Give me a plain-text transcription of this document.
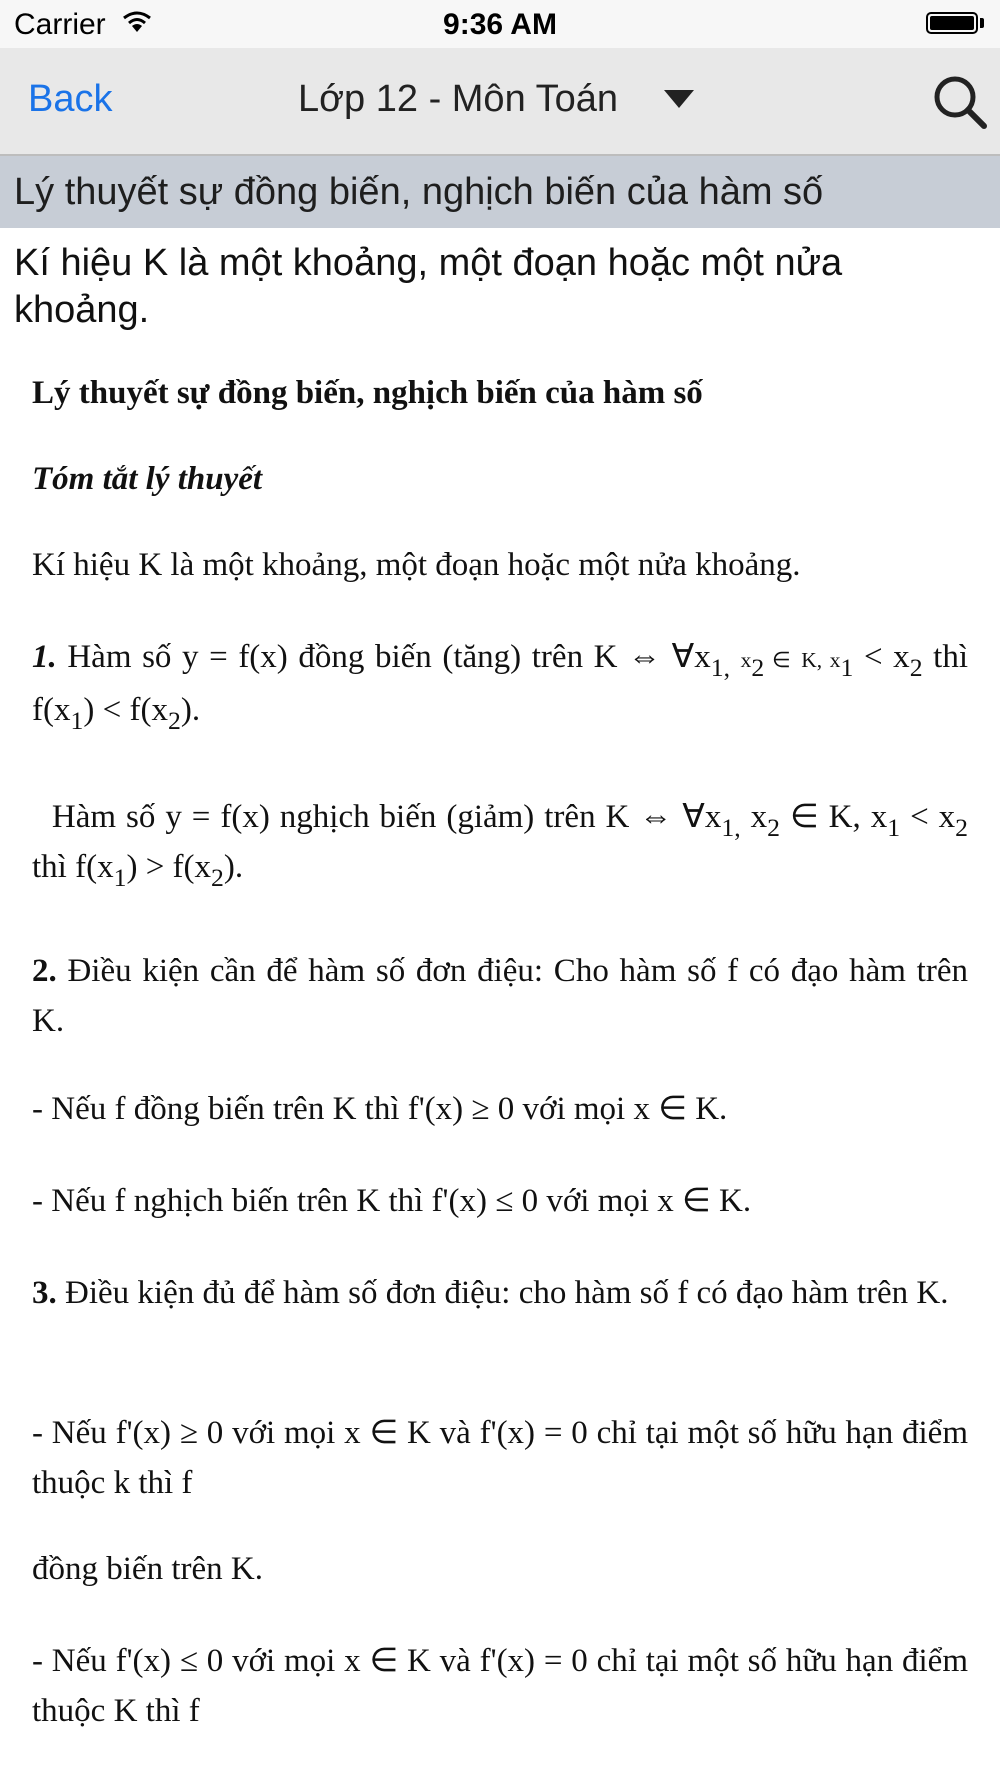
Carrier	9:36 AM
Back	Lớp 12 - Môn Toán
Lý thuyết sự đồng biến, nghịch biến của hàm số

Kí hiệu K là một khoảng, một đoạn hoặc một nửa khoảng.

Lý thuyết sự đồng biến, nghịch biến của hàm số

Tóm tắt lý thuyết

Kí hiệu K là một khoảng, một đoạn hoặc một nửa khoảng.

1. Hàm số y = f(x) đồng biến (tăng) trên K ⇔ $\forall x_{1,}$ $x_2$ ∈ K, $x_1 < x_2$ thì $f(x_1) < f(x_2)$.

Hàm số y = f(x) nghịch biến (giảm) trên K ⇔ $\forall x_{1,}$ $x_2$ ∈ K, $x_1 < x_2$ thì $f(x_1) > f(x_2)$.

2. Điều kiện cần để hàm số đơn điệu: Cho hàm số f có đạo hàm trên K.

- Nếu f đồng biến trên K thì f'(x) ≥ 0 với mọi x ∈ K.

- Nếu f nghịch biến trên K thì f'(x) ≤ 0 với mọi x ∈ K.

3. Điều kiện đủ để hàm số đơn điệu: cho hàm số f có đạo hàm trên K.

- Nếu f'(x) ≥ 0 với mọi x ∈ K và f'(x) = 0 chỉ tại một số hữu hạn điểm thuộc k thì f

đồng biến trên K.

- Nếu f'(x) ≤ 0 với mọi x ∈ K và f'(x) = 0 chỉ tại một số hữu hạn điểm thuộc K thì f
